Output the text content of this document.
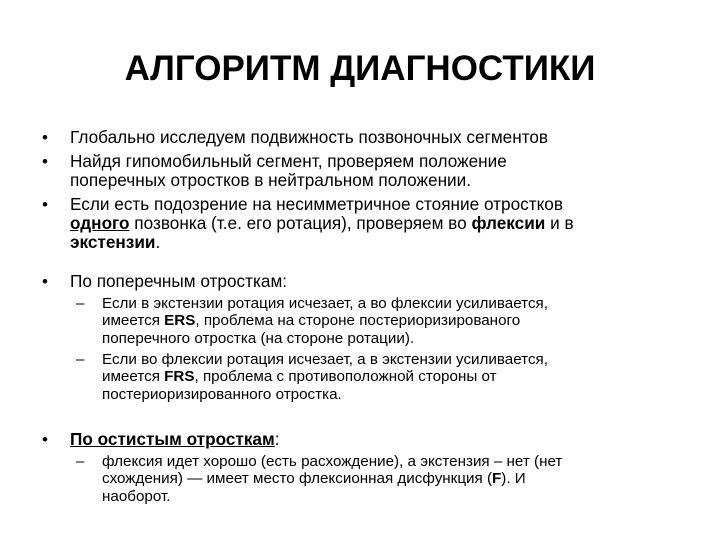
АЛГОРИТМ ДИАГНОСТИКИ
• Глобально исследуем подвижность позвоночных сегментов
• Найдя гипомобильный сегмент, проверяем положение
поперечных отростков в нейтральном положении.
• Если есть подозрение на несимметричное стояние отростков
одного позвонка (т.е. его ротация), проверяем во флексии и в
экстензии.
• По поперечным отросткам:
– Если в экстензии ротация исчезает, а во флексии усиливается,
имеется ERS, проблема на стороне постериоризированого
поперечного отростка (на стороне ротации).
– Если во флексии ротация исчезает, а в экстензии усиливается,
имеется FRS, проблема с противоположной стороны от
постериоризированного отростка.
• По остистым отросткам:
– флексия идет хорошо (есть расхождение), а экстензия – нет (нет
схождения) — имеет место флексионная дисфункция (F). И
наоборот.
